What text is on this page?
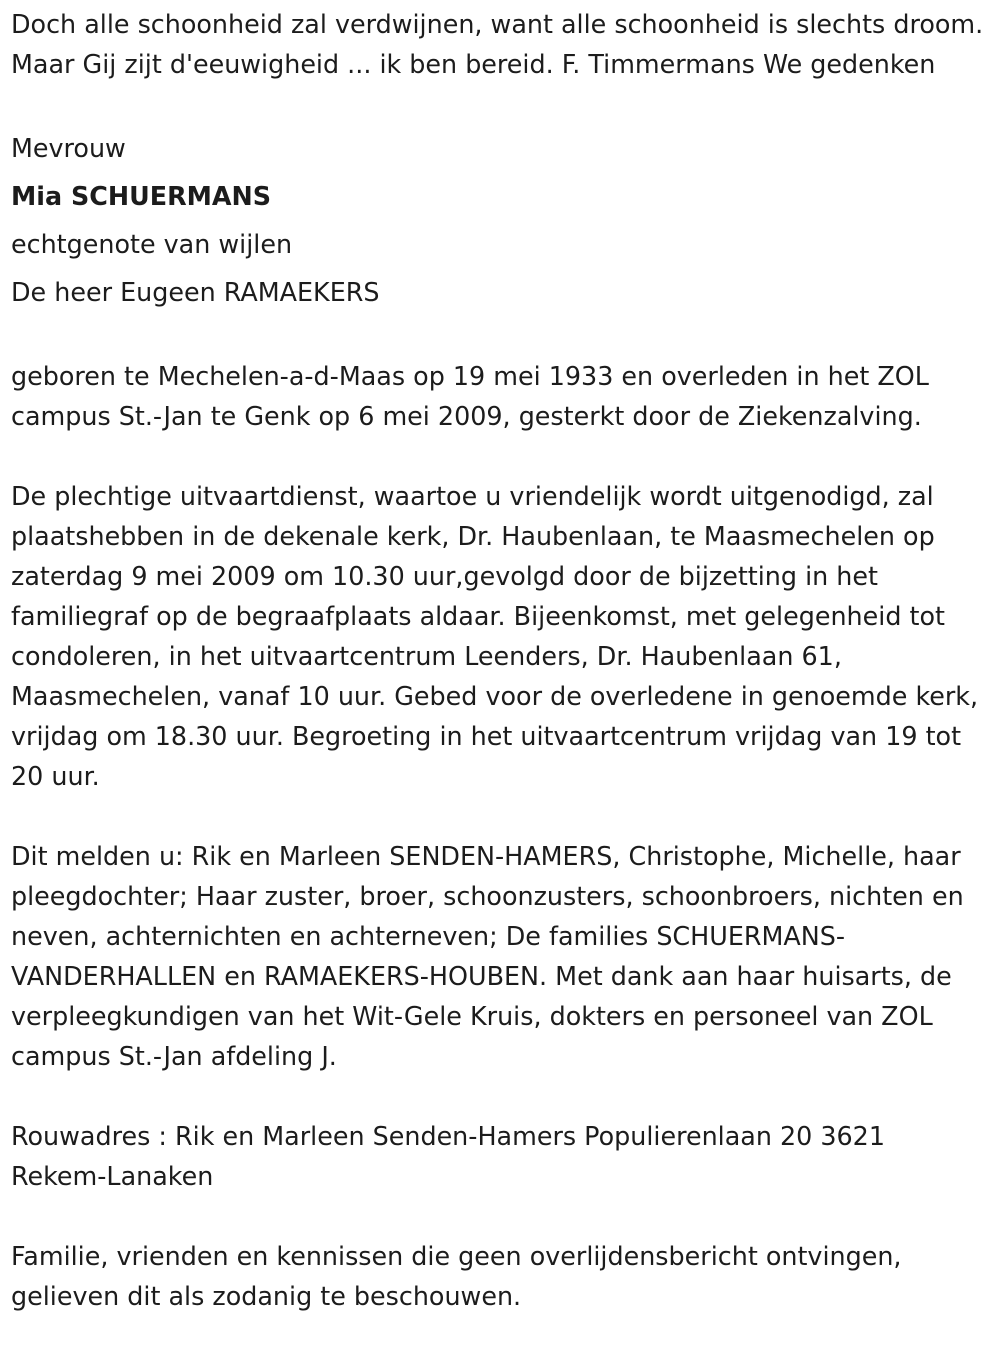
Doch alle schoonheid zal verdwijnen, want alle schoonheid is slechts droom. Maar Gij zijt d'eeuwigheid ... ik ben bereid. F. Timmermans We gedenken

Mevrouw

Mia SCHUERMANS

echtgenote van wijlen

De heer Eugeen RAMAEKERS

geboren te Mechelen-a-d-Maas op 19 mei 1933 en overleden in het ZOL campus St.-Jan te Genk op 6 mei 2009, gesterkt door de Ziekenzalving.

De plechtige uitvaartdienst, waartoe u vriendelijk wordt uitgenodigd, zal plaatshebben in de dekenale kerk, Dr. Haubenlaan, te Maasmechelen op zaterdag 9 mei 2009 om 10.30 uur,gevolgd door de bijzetting in het familiegraf op de begraafplaats aldaar. Bijeenkomst, met gelegenheid tot condoleren, in het uitvaartcentrum Leenders, Dr. Haubenlaan 61, Maasmechelen, vanaf 10 uur. Gebed voor de overledene in genoemde kerk, vrijdag om 18.30 uur. Begroeting in het uitvaartcentrum vrijdag van 19 tot 20 uur.

Dit melden u: Rik en Marleen SENDEN-HAMERS, Christophe, Michelle, haar pleegdochter; Haar zuster, broer, schoonzusters, schoonbroers, nichten en neven, achternichten en achterneven; De families SCHUERMANS-VANDERHALLEN en RAMAEKERS-HOUBEN. Met dank aan haar huisarts, de verpleegkundigen van het Wit-Gele Kruis, dokters en personeel van ZOL campus St.-Jan afdeling J.

Rouwadres : Rik en Marleen Senden-Hamers Populierenlaan 20 3621 Rekem-Lanaken

Familie, vrienden en kennissen die geen overlijdensbericht ontvingen, gelieven dit als zodanig te beschouwen.
